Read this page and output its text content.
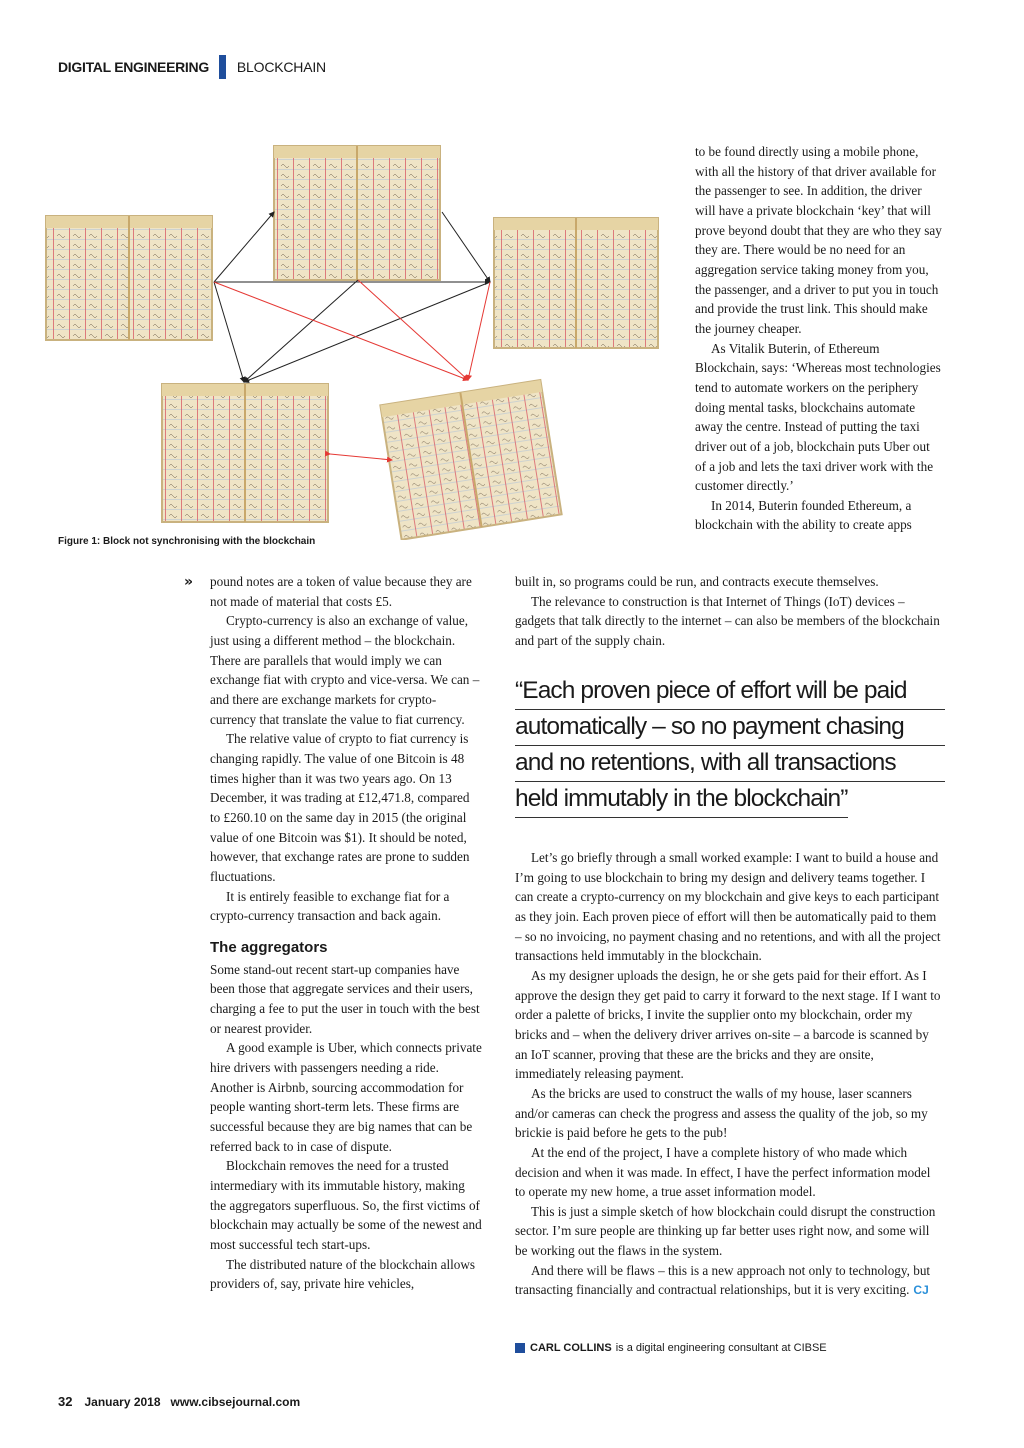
DIGITAL ENGINEERING BLOCKCHAIN
Figure 1: Block not synchronising with the blockchain

to be found directly using a mobile phone, with all the history of that driver available for the passenger to see. In addition, the driver will have a private blockchain ‘key’ that will prove beyond doubt that they are who they say they are. There would be no need for an aggregation service taking money from you, the passenger, and a driver to put you in touch and provide the trust link. This should make the journey cheaper.

As Vitalik Buterin, of Ethereum Blockchain, says: ‘Whereas most technologies tend to automate workers on the periphery doing mental tasks, blockchains automate away the centre. Instead of putting the taxi driver out of a job, blockchain puts Uber out of a job and lets the taxi driver work with the customer directly.’

In 2014, Buterin founded Ethereum, a blockchain with the ability to create apps

built in, so programs could be run, and contracts execute themselves.

The relevance to construction is that Internet of Things (IoT) devices – gadgets that talk directly to the internet – can also be members of the blockchain and part of the supply chain.

» pound notes are a token of value because they are not made of material that costs £5.

Crypto-currency is also an exchange of value, just using a different method – the blockchain. There are parallels that would imply we can exchange fiat with crypto and vice-versa. We can – and there are exchange markets for crypto-currency that translate the value to fiat currency.

The relative value of crypto to fiat currency is changing rapidly. The value of one Bitcoin is 48 times higher than it was two years ago. On 13 December, it was trading at £12,471.8, compared to £260.10 on the same day in 2015 (the original value of one Bitcoin was $1). It should be noted, however, that exchange rates are prone to sudden fluctuations.

It is entirely feasible to exchange fiat for a crypto-currency transaction and back again.

The aggregators

Some stand-out recent start-up companies have been those that aggregate services and their users, charging a fee to put the user in touch with the best or nearest provider.

A good example is Uber, which connects private hire drivers with passengers needing a ride. Another is Airbnb, sourcing accommodation for people wanting short-term lets. These firms are successful because they are big names that can be referred back to in case of dispute.

Blockchain removes the need for a trusted intermediary with its immutable history, making the aggregators superfluous. So, the first victims of blockchain may actually be some of the newest and most successful tech start-ups.

The distributed nature of the blockchain allows providers of, say, private hire vehicles,

“Each proven piece of effort will be paid
automatically – so no payment chasing
and no retentions, with all transactions
held immutably in the blockchain”

Let’s go briefly through a small worked example: I want to build a house and I’m going to use blockchain to bring my design and delivery teams together. I can create a crypto-currency on my blockchain and give keys to each participant as they join. Each proven piece of effort will then be automatically paid to them – so no invoicing, no payment chasing and no retentions, and with all the project transactions held immutably in the blockchain.

As my designer uploads the design, he or she gets paid for their effort. As I approve the design they get paid to carry it forward to the next stage. If I want to order a palette of bricks, I invite the supplier onto my blockchain, order my bricks and – when the delivery driver arrives on-site – a barcode is scanned by an IoT scanner, proving that these are the bricks and they are onsite, immediately releasing payment.

As the bricks are used to construct the walls of my house, laser scanners and/or cameras can check the progress and assess the quality of the job, so my brickie is paid before he gets to the pub!

At the end of the project, I have a complete history of who made which decision and when it was made. In effect, I have the perfect information model to operate my new home, a true asset information model.

This is just a simple sketch of how blockchain could disrupt the construction sector. I’m sure people are thinking up far better uses right now, and some will be working out the flaws in the system.

And there will be flaws – this is a new approach not only to technology, but transacting financially and contractual relationships, but it is very exciting. CJ

CARL COLLINS is a digital engineering consultant at CIBSE
32 January 2018 www.cibsejournal.com
